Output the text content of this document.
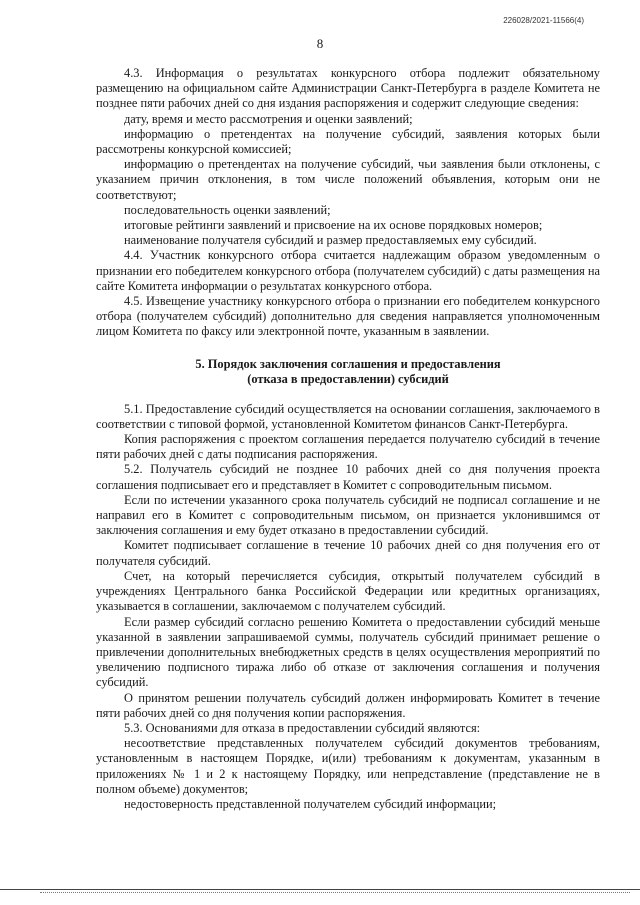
226028/2021-11566(4)
8

4.3. Информация о результатах конкурсного отбора подлежит обязательному размещению на официальном сайте Администрации Санкт-Петербурга в разделе Комитета не позднее пяти рабочих дней со дня издания распоряжения и содержит следующие сведения:

дату, время и место рассмотрения и оценки заявлений;

информацию о претендентах на получение субсидий, заявления которых были рассмотрены конкурсной комиссией;

информацию о претендентах на получение субсидий, чьи заявления были отклонены, с указанием причин отклонения, в том числе положений объявления, которым они не соответствуют;

последовательность оценки заявлений;

итоговые рейтинги заявлений и присвоение на их основе порядковых номеров;

наименование получателя субсидий и размер предоставляемых ему субсидий.

4.4. Участник конкурсного отбора считается надлежащим образом уведомленным о признании его победителем конкурсного отбора (получателем субсидий) с даты размещения на сайте Комитета информации о результатах конкурсного отбора.

4.5. Извещение участнику конкурсного отбора о признании его победителем конкурсного отбора (получателем субсидий) дополнительно для сведения направляется уполномоченным лицом Комитета по факсу или электронной почте, указанным в заявлении.

5. Порядок заключения соглашения и предоставления
(отказа в предоставлении) субсидий

5.1. Предоставление субсидий осуществляется на основании соглашения, заключаемого в соответствии с типовой формой, установленной Комитетом финансов Санкт-Петербурга.

Копия распоряжения с проектом соглашения передается получателю субсидий в течение пяти рабочих дней с даты подписания распоряжения.

5.2. Получатель субсидий не позднее 10 рабочих дней со дня получения проекта соглашения подписывает его и представляет в Комитет с сопроводительным письмом.

Если по истечении указанного срока получатель субсидий не подписал соглашение и не направил его в Комитет с сопроводительным письмом, он признается уклонившимся от заключения соглашения и ему будет отказано в предоставлении субсидий.

Комитет подписывает соглашение в течение 10 рабочих дней со дня получения его от получателя субсидий.

Счет, на который перечисляется субсидия, открытый получателем субсидий в учреждениях Центрального банка Российской Федерации или кредитных организациях, указывается в соглашении, заключаемом с получателем субсидий.

Если размер субсидий согласно решению Комитета о предоставлении субсидий меньше указанной в заявлении запрашиваемой суммы, получатель субсидий принимает решение о привлечении дополнительных внебюджетных средств в целях осуществления мероприятий по увеличению подписного тиража либо об отказе от заключения соглашения и получения субсидий.

О принятом решении получатель субсидий должен информировать Комитет в течение пяти рабочих дней со дня получения копии распоряжения.

5.3. Основаниями для отказа в предоставлении субсидий являются:

несоответствие представленных получателем субсидий документов требованиям, установленным в настоящем Порядке, и(или) требованиям к документам, указанным в приложениях № 1 и 2 к настоящему Порядку, или непредставление (представление не в полном объеме) документов;

недостоверность представленной получателем субсидий информации;
